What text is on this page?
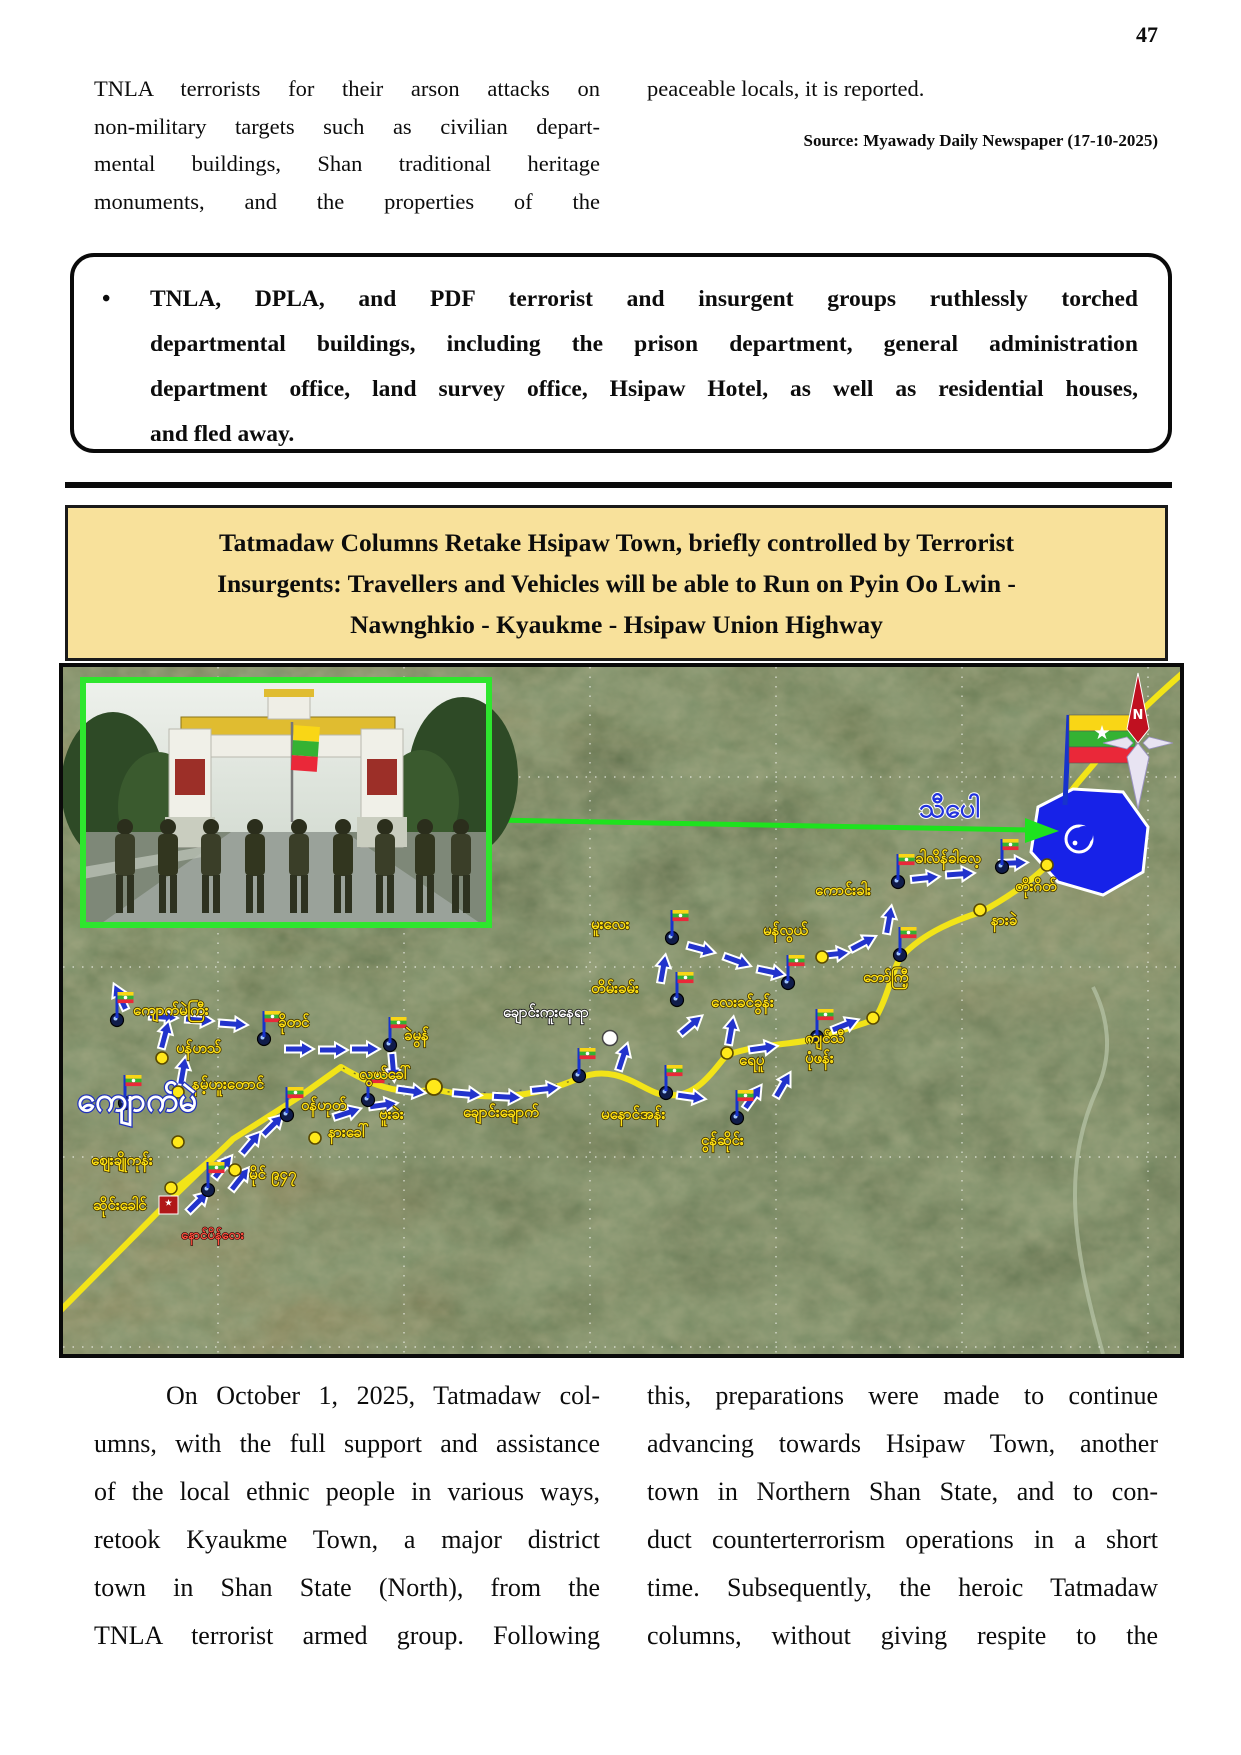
47
TNLA terrorists for their arson attacks on
non-military targets such as civilian depart-
mental buildings, Shan traditional heritage
monuments, and the properties of the
peaceable locals, it is reported.
Source: Myawady Daily Newspaper (17-10-2025)
•	TNLA, DPLA, and PDF terrorist and insurgent groups ruthlessly torched
departmental buildings, including the prison department, general administration
department office, land survey office, Hsipaw Hotel, as well as residential houses,
and fled away.
Tatmadaw Columns Retake Hsipaw Town, briefly controlled by Terrorist
Insurgents: Travellers and Vehicles will be able to Run on Pyin Oo Lwin -
Nawnghkio - Kyaukme - Hsipaw Union Highway
N
ကျောက်မဲကြီး
ခိုတင်
ခဲမွန်
ဝန်ဟုတ် ဗူးခဲး
မူးလေး
တိမ်းခမ်း
လေးခင်ခွန်း
ကောင်းခါး
ခါလိန်ခါလေ့
ဘော်ကြီ့
ပုံဖန်း
မနောင်အန်း
ငွန်ဆိုင်း
ပန်ဟသ်
နမ့်ဟူးတောင်
လွယ်ခေါ်
ရေပူ
ကျင်သီ
မန်လွယ်
နားခဲ
တိုးဂိတ်
နားခေါ်
မိုင် ၉၄၇
ဈေးချိုကုန်း
ဆိုင်းခေါင်
ချောင်းကူးနေရာ
ကျောက်မဲ
သီပေါ
ချောင်းချောက်
နောင်ပိန်လေး
On October 1, 2025, Tatmadaw col-
umns, with the full support and assistance
of the local ethnic people in various ways,
retook Kyaukme Town, a major district
town in Shan State (North), from the
TNLA terrorist armed group. Following
this, preparations were made to continue
advancing towards Hsipaw Town, another
town in Northern Shan State, and to con-
duct counterterrorism operations in a short
time. Subsequently, the heroic Tatmadaw
columns, without giving respite to the
